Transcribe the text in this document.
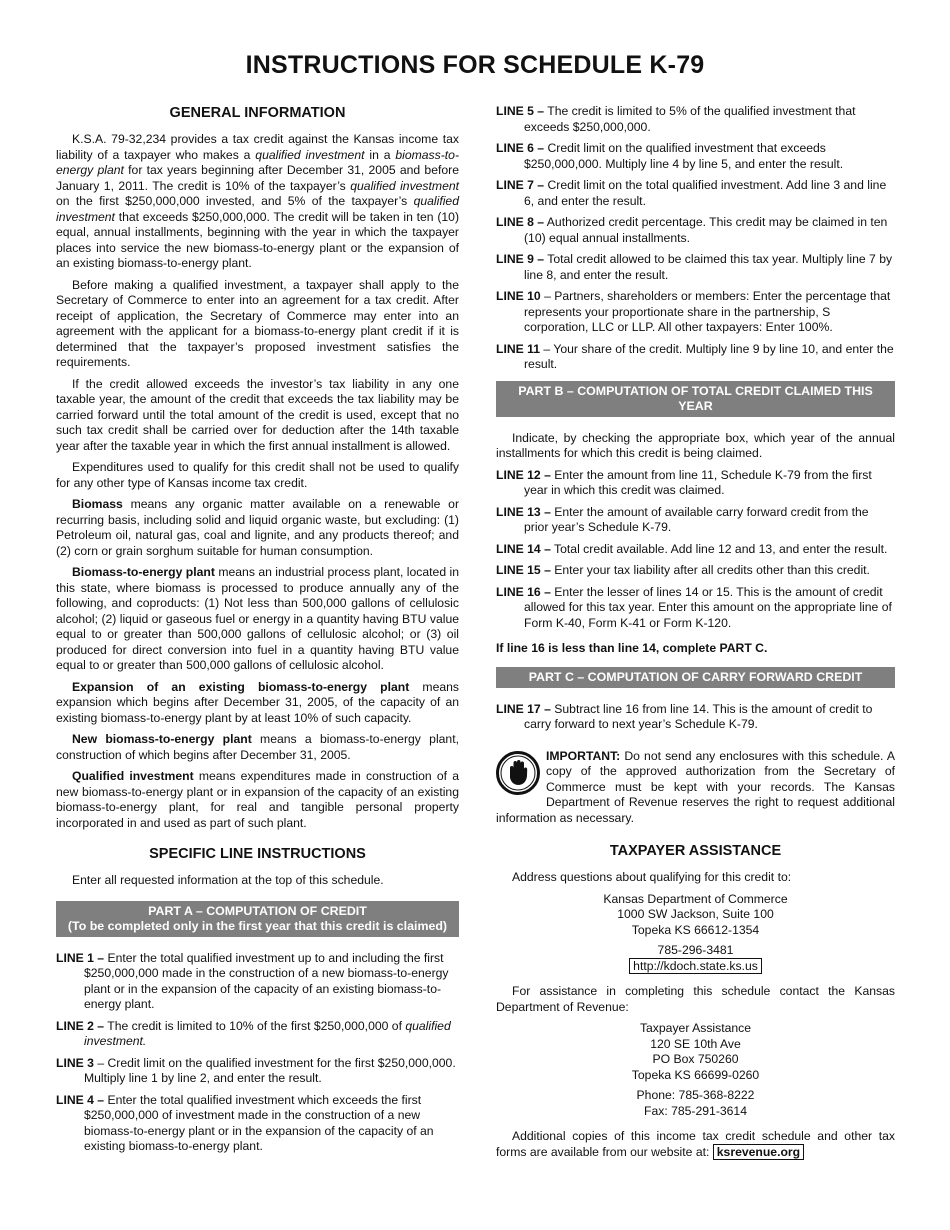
INSTRUCTIONS FOR SCHEDULE K-79
GENERAL INFORMATION

K.S.A. 79-32,234 provides a tax credit against the Kansas income tax liability of a taxpayer who makes a qualified investment in a biomass-to-energy plant for tax years beginning after December 31, 2005 and before January 1, 2011. The credit is 10% of the taxpayer’s qualified investment on the first $250,000,000 invested, and 5% of the taxpayer’s qualified investment that exceeds $250,000,000. The credit will be taken in ten (10) equal, annual installments, beginning with the year in which the taxpayer places into service the new biomass-to-energy plant or the expansion of an existing biomass-to-energy plant.

Before making a qualified investment, a taxpayer shall apply to the Secretary of Commerce to enter into an agreement for a tax credit. After receipt of application, the Secretary of Commerce may enter into an agreement with the applicant for a biomass-to-energy plant credit if it is determined that the taxpayer’s proposed investment satisfies the requirements.

If the credit allowed exceeds the investor’s tax liability in any one taxable year, the amount of the credit that exceeds the tax liability may be carried forward until the total amount of the credit is used, except that no such tax credit shall be carried over for deduction after the 14th taxable year after the taxable year in which the first annual installment is allowed.

Expenditures used to qualify for this credit shall not be used to qualify for any other type of Kansas income tax credit.

Biomass means any organic matter available on a renewable or recurring basis, including solid and liquid organic waste, but excluding: (1) Petroleum oil, natural gas, coal and lignite, and any products thereof; and (2) corn or grain sorghum suitable for human consumption.

Biomass-to-energy plant means an industrial process plant, located in this state, where biomass is processed to produce annually any of the following, and coproducts: (1) Not less than 500,000 gallons of cellulosic alcohol; (2) liquid or gaseous fuel or energy in a quantity having BTU value equal to or greater than 500,000 gallons of cellulosic alcohol; or (3) oil produced for direct conversion into fuel in a quantity having BTU value equal to or greater than 500,000 gallons of cellulosic alcohol.

Expansion of an existing biomass-to-energy plant means expansion which begins after December 31, 2005, of the capacity of an existing biomass-to-energy plant by at least 10% of such capacity.

New biomass-to-energy plant means a biomass-to-energy plant, construction of which begins after December 31, 2005.

Qualified investment means expenditures made in construction of a new biomass-to-energy plant or in expansion of the capacity of an existing biomass-to-energy plant, for real and tangible personal property incorporated in and used as part of such plant.

SPECIFIC LINE INSTRUCTIONS

Enter all requested information at the top of this schedule.

PART A – COMPUTATION OF CREDIT
(To be completed only in the first year that this credit is claimed)

LINE 1 – Enter the total qualified investment up to and including the first $250,000,000 made in the construction of a new biomass-to-energy plant or in the expansion of the capacity of an existing biomass-to-energy plant.

LINE 2 – The credit is limited to 10% of the first $250,000,000 of qualified investment.

LINE 3 – Credit limit on the qualified investment for the first $250,000,000. Multiply line 1 by line 2, and enter the result.

LINE 4 – Enter the total qualified investment which exceeds the first $250,000,000 of investment made in the construction of a new biomass-to-energy plant or in the expansion of the capacity of an existing biomass-to-energy plant.

LINE 5 – The credit is limited to 5% of the qualified investment that exceeds $250,000,000.

LINE 6 – Credit limit on the qualified investment that exceeds $250,000,000. Multiply line 4 by line 5, and enter the result.

LINE 7 – Credit limit on the total qualified investment. Add line 3 and line 6, and enter the result.

LINE 8 – Authorized credit percentage. This credit may be claimed in ten (10) equal annual installments.

LINE 9 – Total credit allowed to be claimed this tax year. Multiply line 7 by line 8, and enter the result.

LINE 10 – Partners, shareholders or members: Enter the percentage that represents your proportionate share in the partnership, S corporation, LLC or LLP. All other taxpayers: Enter 100%.

LINE 11 – Your share of the credit. Multiply line 9 by line 10, and enter the result.

PART B – COMPUTATION OF TOTAL CREDIT CLAIMED THIS YEAR

Indicate, by checking the appropriate box, which year of the annual installments for which this credit is being claimed.

LINE 12 – Enter the amount from line 11, Schedule K-79 from the first year in which this credit was claimed.

LINE 13 – Enter the amount of available carry forward credit from the prior year’s Schedule K-79.

LINE 14 – Total credit available. Add line 12 and 13, and enter the result.

LINE 15 – Enter your tax liability after all credits other than this credit.

LINE 16 – Enter the lesser of lines 14 or 15. This is the amount of credit allowed for this tax year. Enter this amount on the appropriate line of Form K-40, Form K-41 or Form K-120.

If line 16 is less than line 14, complete PART C.

PART C – COMPUTATION OF CARRY FORWARD CREDIT

LINE 17 – Subtract line 16 from line 14. This is the amount of credit to carry forward to next year’s Schedule K-79.

IMPORTANT: Do not send any enclosures with this schedule. A copy of the approved authorization from the Secretary of Commerce must be kept with your records. The Kansas Department of Revenue reserves the right to request additional information as necessary.

TAXPAYER ASSISTANCE

Address questions about qualifying for this credit to:

Kansas Department of Commerce

1000 SW Jackson, Suite 100

Topeka KS 66612-1354

785-296-3481

http://kdoch.state.ks.us

For assistance in completing this schedule contact the Kansas Department of Revenue:

Taxpayer Assistance

120 SE 10th Ave

PO Box 750260

Topeka KS 66699-0260

Phone: 785-368-8222

Fax: 785-291-3614

Additional copies of this income tax credit schedule and other tax forms are available from our website at: ksrevenue.org
